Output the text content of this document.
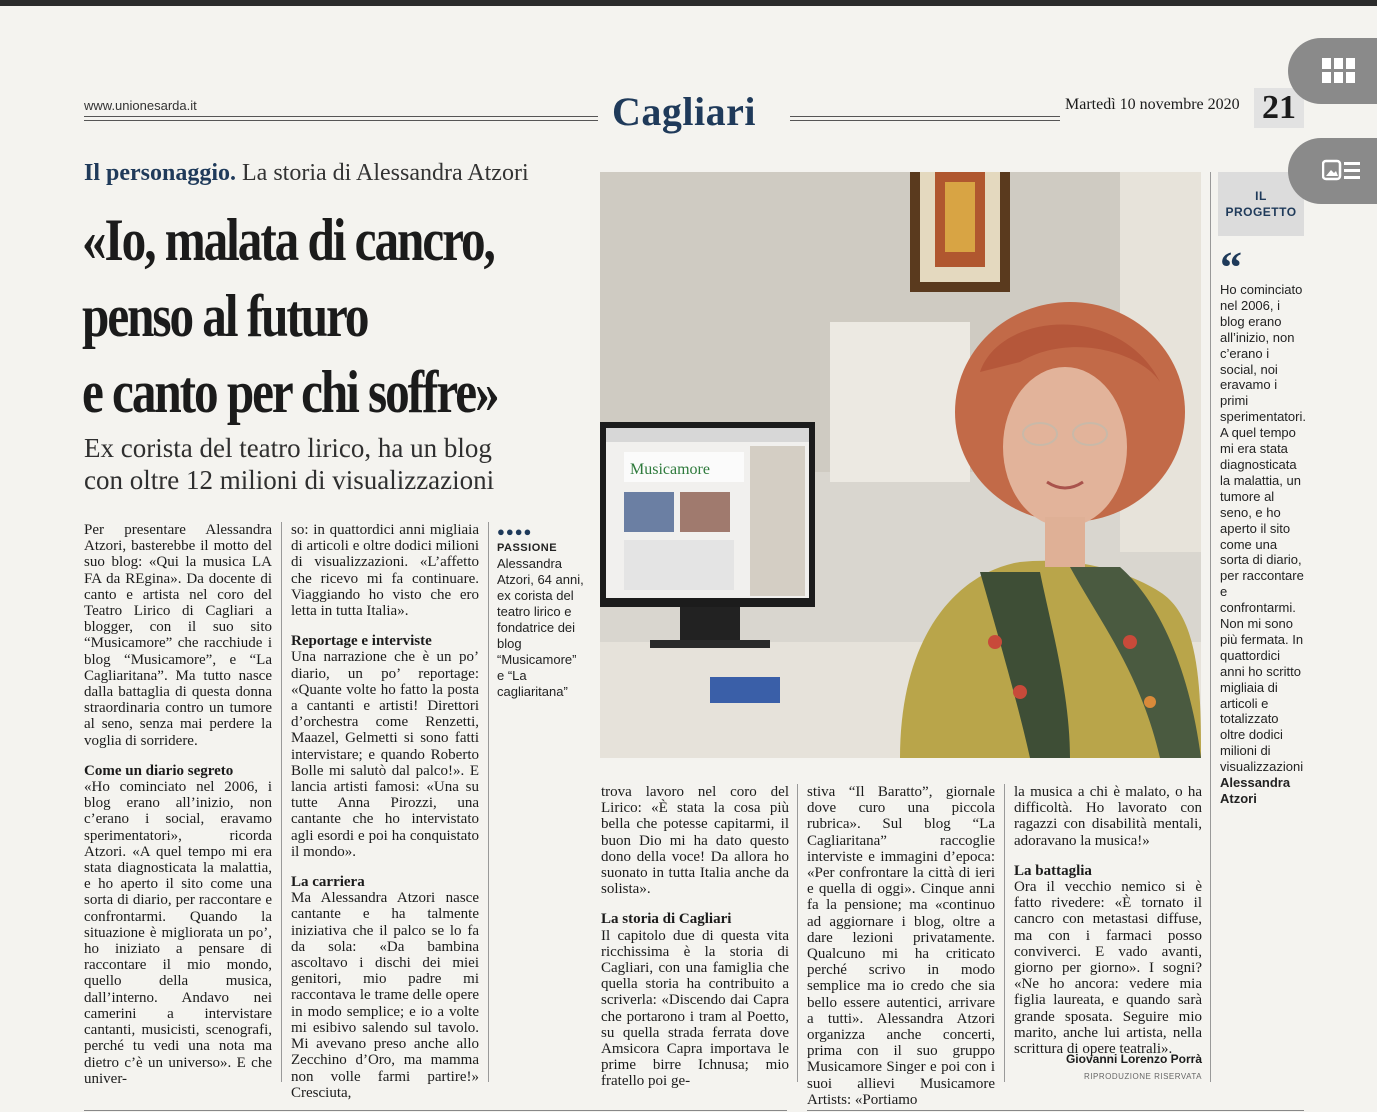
www.unionesarda.it	Cagliari	Martedì 10 novembre 2020 21
Il personaggio. La storia di Alessandra Atzori
«Io, malata di cancro,
penso al futuro
e canto per chi soffre»
Ex corista del teatro lirico, ha un blog
con oltre 12 milioni di visualizzazioni	Musicamore
●●●●
PASSIONE
Alessandra Atzori, 64 anni, ex corista del teatro lirico e fondatrice dei blog “Musicamore” e “La cagliaritana”

Per presentare Alessandra Atzori, basterebbe il motto del suo blog: «Qui la musica LA FA da REgina». Da docente di canto e artista nel coro del Teatro Lirico di Cagliari a blogger, con il suo sito “Musicamore” che racchiude i blog “Musicamore”, e “La Cagliaritana”. Ma tutto nasce dalla battaglia di questa donna straordinaria contro un tumore al seno, senza mai perdere la voglia di sorridere.

Come un diario segreto

«Ho cominciato nel 2006, i blog erano all’inizio, non c’erano i social, eravamo sperimentatori», ricorda Atzori. «A quel tempo mi era stata diagnosticata la malattia, e ho aperto il sito come una sorta di diario, per raccontare e confrontarmi. Quando la situazione è migliorata un po’, ho iniziato a pensare di raccontare il mio mondo, quello della musica, dall’interno. Andavo nei camerini a intervistare cantanti, musicisti, scenografi, perché tu vedi una nota ma dietro c’è un universo». E che univer-

so: in quattordici anni migliaia di articoli e oltre dodici milioni di visualizzazioni. «L’affetto che ricevo mi fa continuare. Viaggiando ho visto che ero letta in tutta Italia».

Reportage e interviste

Una narrazione che è un po’ diario, un po’ reportage: «Quante volte ho fatto la posta a cantanti e artisti! Direttori d’orchestra come Renzetti, Maazel, Gelmetti si sono fatti intervistare; e quando Roberto Bolle mi salutò dal palco!». E lancia artisti famosi: «Una su tutte Anna Pirozzi, una cantante che ho intervistato agli esordi e poi ha conquistato il mondo».

La carriera

Ma Alessandra Atzori nasce cantante e ha talmente iniziativa che il palco se lo fa da sola: «Da bambina ascoltavo i dischi dei miei genitori, mio padre mi raccontava le trame delle opere in modo semplice; e io a volte mi esibivo salendo sul tavolo. Mi avevano preso anche allo Zecchino d’Oro, ma mamma non volle farmi partire!» Cresciuta,

trova lavoro nel coro del Lirico: «È stata la cosa più bella che potesse capitarmi, il buon Dio mi ha dato questo dono della voce! Da allora ho suonato in tutta Italia anche da solista».

La storia di Cagliari

Il capitolo due di questa vita ricchissima è la storia di Cagliari, con una famiglia che quella storia ha contribuito a scriverla: «Discendo dai Capra che portarono i tram al Poetto, su quella strada ferrata dove Amsicora Capra importava le prime birre Ichnusa; mio fratello poi ge-

stiva “Il Baratto”, giornale dove curo una piccola rubrica». Sul blog “La Cagliaritana” raccoglie interviste e immagini d’epoca: «Per confrontare la città di ieri e quella di oggi». Cinque anni fa la pensione; ma «continuo ad aggiornare i blog, oltre a dare lezioni privatamente. Qualcuno mi ha criticato perché scrivo in modo semplice ma io credo che sia bello essere autentici, arrivare a tutti». Alessandra Atzori organizza anche concerti, prima con il suo gruppo Musicamore Singer e poi con i suoi allievi Musicamore Artists: «Portiamo

la musica a chi è malato, o ha difficoltà. Ho lavorato con ragazzi con disabilità mentali, adoravano la musica!»

La battaglia

Ora il vecchio nemico si è fatto rivedere: «È tornato il cancro con metastasi diffuse, ma con i farmaci posso conviverci. E vado avanti, giorno per giorno». I sogni? «Ne ho ancora: vedere mia figlia laureata, e quando sarà grande sposata. Seguire mio marito, anche lui artista, nella scrittura di opere teatrali».

Giovanni Lorenzo Porrà
RIPRODUZIONE RISERVATA
IL
PROGETTO
“
Ho cominciato nel 2006, i blog erano all’inizio, non c’erano i social, noi eravamo i primi sperimentatori. A quel tempo mi era stata diagnosticata la malattia, un tumore al seno, e ho aperto il sito come una sorta di diario, per raccontare e confrontarmi. Non mi sono più fermata. In quattordici anni ho scritto migliaia di articoli e totalizzato oltre dodici milioni di visualizzazioni
Alessandra Atzori
